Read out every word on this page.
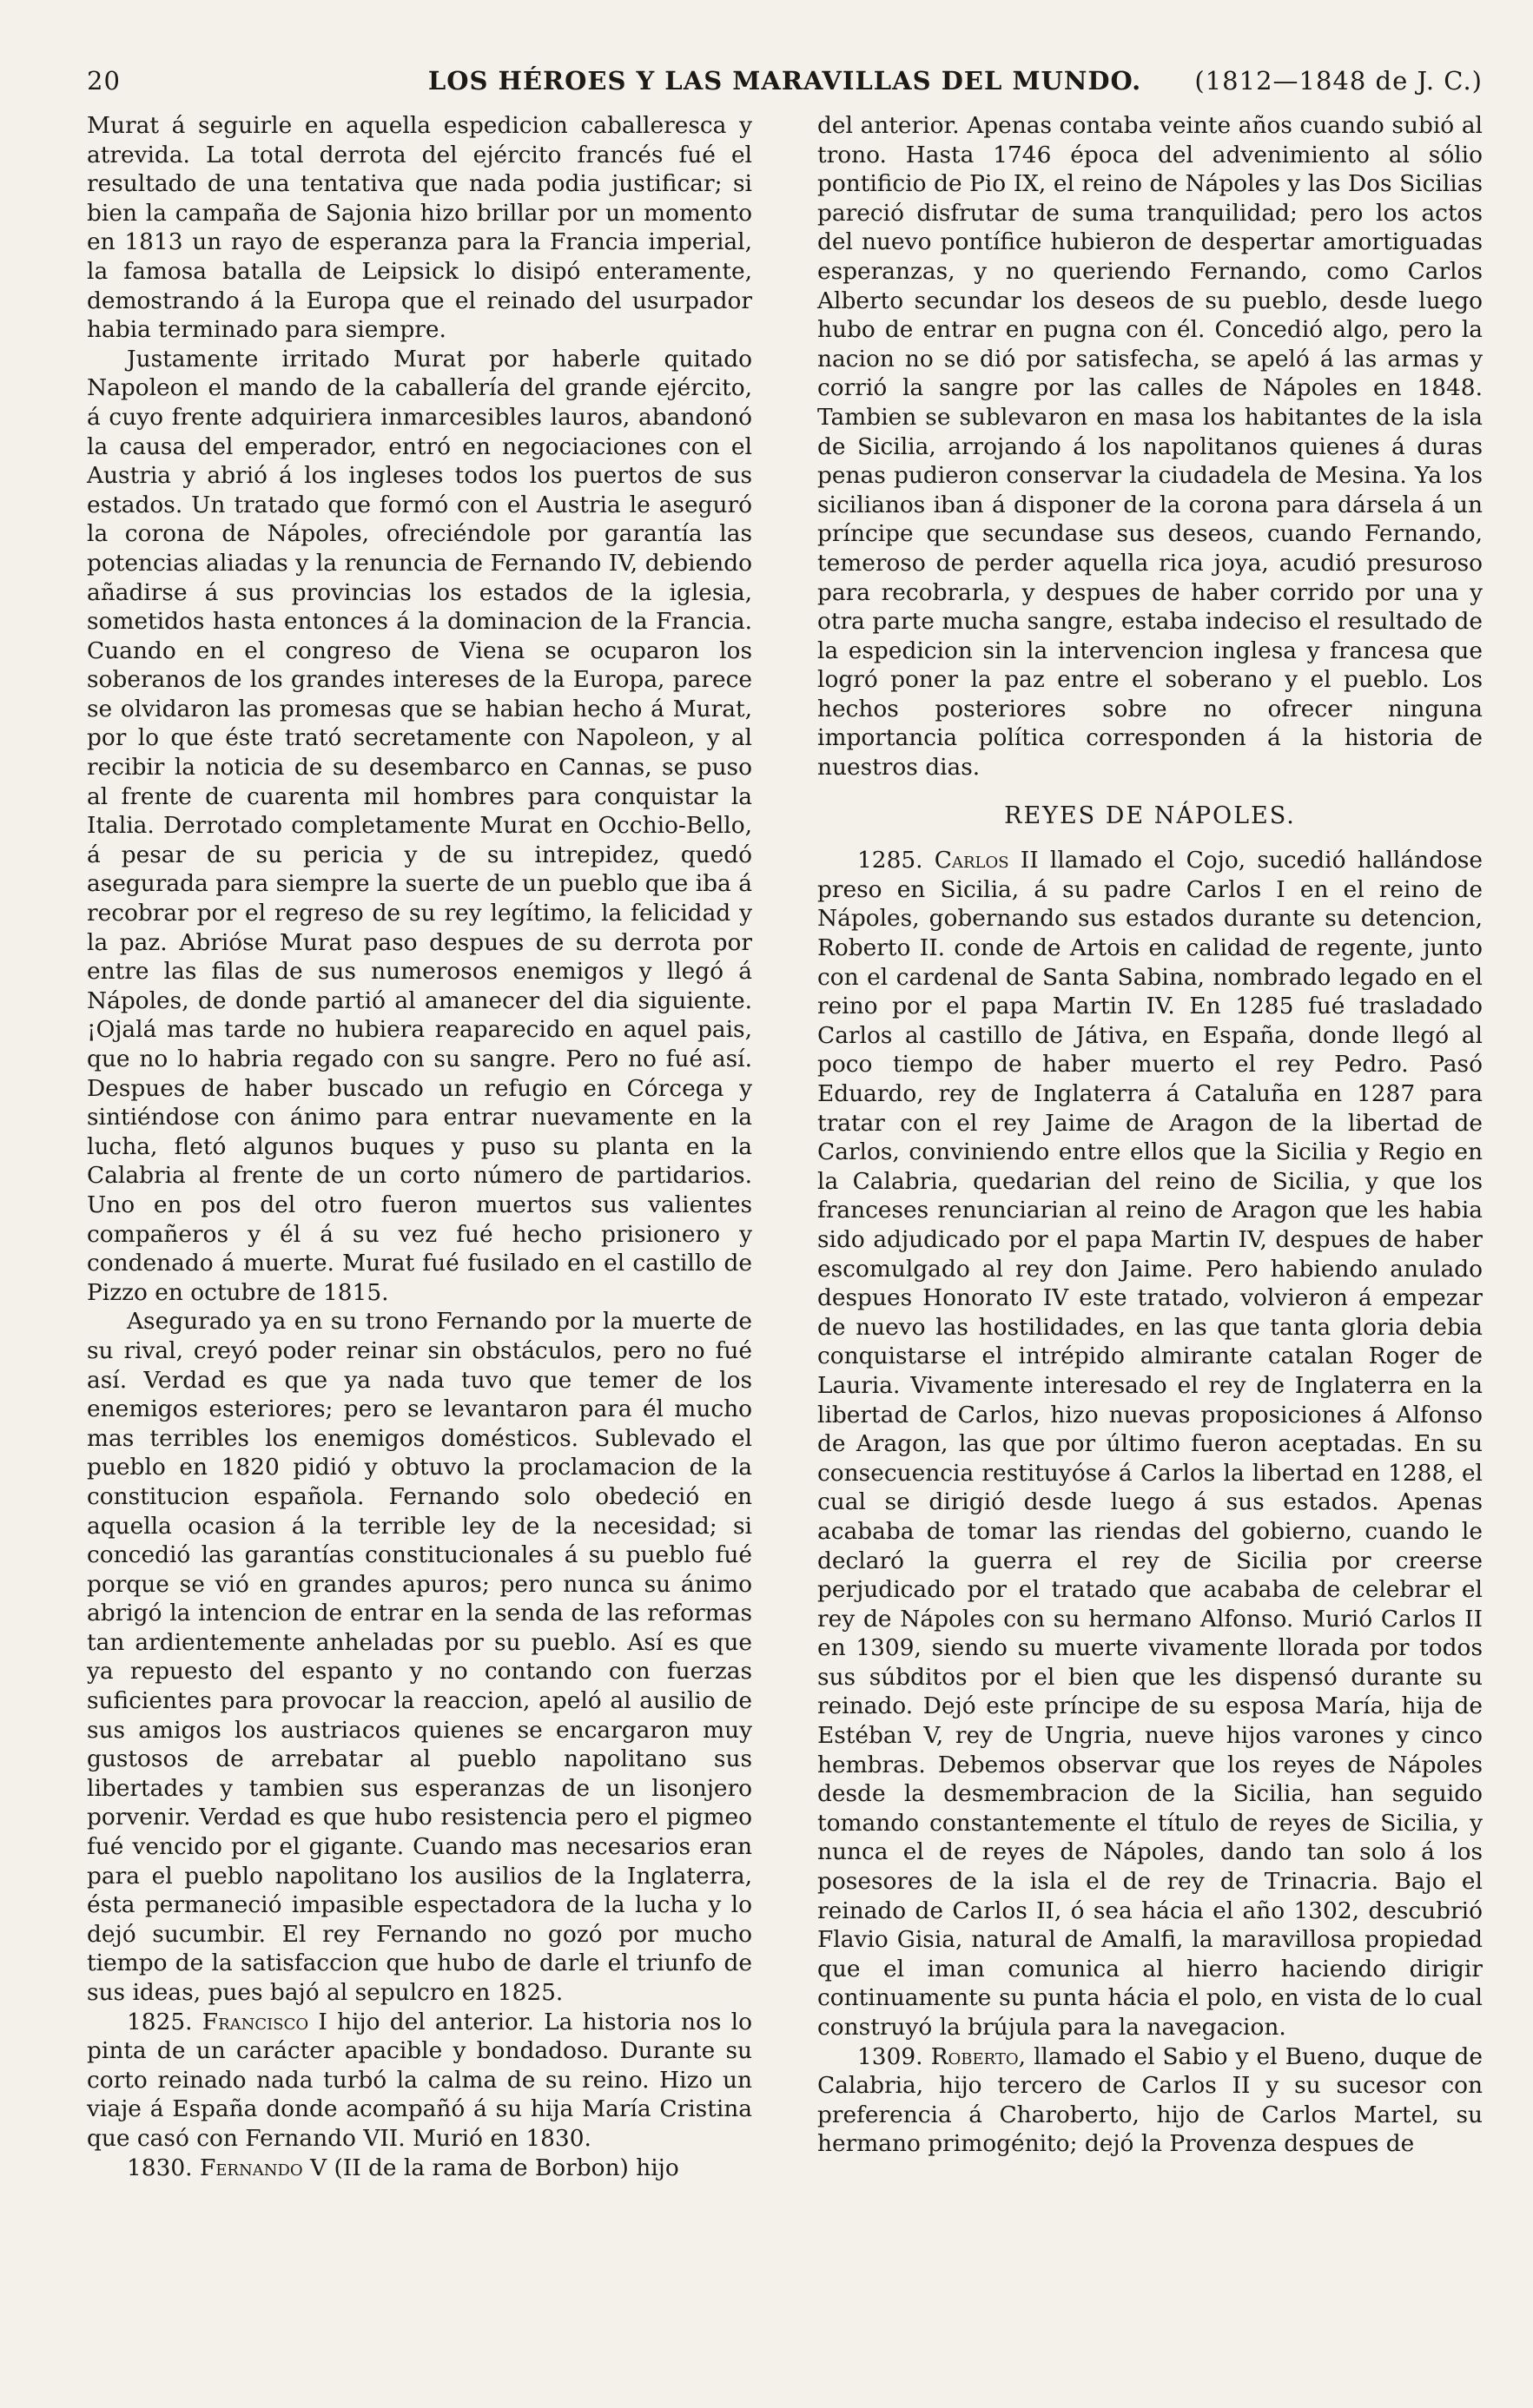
20	LOS HÉROES Y LAS MARAVILLAS DEL MUNDO.	(1812—1848 de J. C.)

Murat á seguirle en aquella espedicion caballeresca y atrevida. La total derrota del ejército francés fué el resultado de una tentativa que nada podia justificar; si bien la campaña de Sajonia hizo brillar por un momento en 1813 un rayo de esperanza para la Francia imperial, la famosa batalla de Leipsick lo disipó enteramente, demostrando á la Europa que el reinado del usurpador habia terminado para siempre.

Justamente irritado Murat por haberle quitado Napoleon el mando de la caballería del grande ejército, á cuyo frente adquiriera inmarcesibles lauros, abandonó la causa del emperador, entró en negociaciones con el Austria y abrió á los ingleses todos los puertos de sus estados. Un tratado que formó con el Austria le aseguró la corona de Nápoles, ofreciéndole por garantía las potencias aliadas y la renuncia de Fernando IV, debiendo añadirse á sus provincias los estados de la iglesia, sometidos hasta entonces á la dominacion de la Francia. Cuando en el congreso de Viena se ocuparon los soberanos de los grandes intereses de la Europa, parece se olvidaron las promesas que se habian hecho á Murat, por lo que éste trató secretamente con Napoleon, y al recibir la noticia de su desembarco en Cannas, se puso al frente de cuarenta mil hombres para conquistar la Italia. Derrotado completamente Murat en Occhio-Bello, á pesar de su pericia y de su intrepidez, quedó asegurada para siempre la suerte de un pueblo que iba á recobrar por el regreso de su rey legítimo, la felicidad y la paz. Abrióse Murat paso despues de su derrota por entre las filas de sus numerosos enemigos y llegó á Nápoles, de donde partió al amanecer del dia siguiente. ¡Ojalá mas tarde no hubiera reaparecido en aquel pais, que no lo habria regado con su sangre. Pero no fué así. Despues de haber buscado un refugio en Córcega y sintiéndose con ánimo para entrar nuevamente en la lucha, fletó algunos buques y puso su planta en la Calabria al frente de un corto número de partidarios. Uno en pos del otro fueron muertos sus valientes compañeros y él á su vez fué hecho prisionero y condenado á muerte. Murat fué fusilado en el castillo de Pizzo en octubre de 1815.

Asegurado ya en su trono Fernando por la muerte de su rival, creyó poder reinar sin obstáculos, pero no fué así. Verdad es que ya nada tuvo que temer de los enemigos esteriores; pero se levantaron para él mucho mas terribles los enemigos domésticos. Sublevado el pueblo en 1820 pidió y obtuvo la proclamacion de la constitucion española. Fernando solo obedeció en aquella ocasion á la terrible ley de la necesidad; si concedió las garantías constitucionales á su pueblo fué porque se vió en grandes apuros; pero nunca su ánimo abrigó la intencion de entrar en la senda de las reformas tan ardientemente anheladas por su pueblo. Así es que ya repuesto del espanto y no contando con fuerzas suficientes para provocar la reaccion, apeló al ausilio de sus amigos los austriacos quienes se encargaron muy gustosos de arrebatar al pueblo napolitano sus libertades y tambien sus esperanzas de un lisonjero porvenir. Verdad es que hubo resistencia pero el pigmeo fué vencido por el gigante. Cuando mas necesarios eran para el pueblo napolitano los ausilios de la Inglaterra, ésta permaneció impasible espectadora de la lucha y lo dejó sucumbir. El rey Fernando no gozó por mucho tiempo de la satisfaccion que hubo de darle el triunfo de sus ideas, pues bajó al sepulcro en 1825.

1825. Francisco I hijo del anterior. La historia nos lo pinta de un carácter apacible y bondadoso. Durante su corto reinado nada turbó la calma de su reino. Hizo un viaje á España donde acompañó á su hija María Cristina que casó con Fernando VII. Murió en 1830.

1830. Fernando V (II de la rama de Borbon) hijo

del anterior. Apenas contaba veinte años cuando subió al trono. Hasta 1746 época del advenimiento al sólio pontificio de Pio IX, el reino de Nápoles y las Dos Sicilias pareció disfrutar de suma tranquilidad; pero los actos del nuevo pontífice hubieron de despertar amortiguadas esperanzas, y no queriendo Fernando, como Carlos Alberto secundar los deseos de su pueblo, desde luego hubo de entrar en pugna con él. Concedió algo, pero la nacion no se dió por satisfecha, se apeló á las armas y corrió la sangre por las calles de Nápoles en 1848. Tambien se sublevaron en masa los habitantes de la isla de Sicilia, arrojando á los napolitanos quienes á duras penas pudieron conservar la ciudadela de Mesina. Ya los sicilianos iban á disponer de la corona para dársela á un príncipe que secundase sus deseos, cuando Fernando, temeroso de perder aquella rica joya, acudió presuroso para recobrarla, y despues de haber corrido por una y otra parte mucha sangre, estaba indeciso el resultado de la espedicion sin la intervencion inglesa y francesa que logró poner la paz entre el soberano y el pueblo. Los hechos posteriores sobre no ofrecer ninguna importancia política corresponden á la historia de nuestros dias.

REYES DE NÁPOLES.

1285. Carlos II llamado el Cojo, sucedió hallándose preso en Sicilia, á su padre Carlos I en el reino de Nápoles, gobernando sus estados durante su detencion, Roberto II. conde de Artois en calidad de regente, junto con el cardenal de Santa Sabina, nombrado legado en el reino por el papa Martin IV. En 1285 fué trasladado Carlos al castillo de Játiva, en España, donde llegó al poco tiempo de haber muerto el rey Pedro. Pasó Eduardo, rey de Inglaterra á Cataluña en 1287 para tratar con el rey Jaime de Aragon de la libertad de Carlos, conviniendo entre ellos que la Sicilia y Regio en la Calabria, quedarian del reino de Sicilia, y que los franceses renunciarian al reino de Aragon que les habia sido adjudicado por el papa Martin IV, despues de haber escomulgado al rey don Jaime. Pero habiendo anulado despues Honorato IV este tratado, volvieron á empezar de nuevo las hostilidades, en las que tanta gloria debia conquistarse el intrépido almirante catalan Roger de Lauria. Vivamente interesado el rey de Inglaterra en la libertad de Carlos, hizo nuevas proposiciones á Alfonso de Aragon, las que por último fueron aceptadas. En su consecuencia restituyóse á Carlos la libertad en 1288, el cual se dirigió desde luego á sus estados. Apenas acababa de tomar las riendas del gobierno, cuando le declaró la guerra el rey de Sicilia por creerse perjudicado por el tratado que acababa de celebrar el rey de Nápoles con su hermano Alfonso. Murió Carlos II en 1309, siendo su muerte vivamente llorada por todos sus súbditos por el bien que les dispensó durante su reinado. Dejó este príncipe de su esposa María, hija de Estéban V, rey de Ungria, nueve hijos varones y cinco hembras. Debemos observar que los reyes de Nápoles desde la desmembracion de la Sicilia, han seguido tomando constantemente el título de reyes de Sicilia, y nunca el de reyes de Nápoles, dando tan solo á los posesores de la isla el de rey de Trinacria. Bajo el reinado de Carlos II, ó sea hácia el año 1302, descubrió Flavio Gisia, natural de Amalfi, la maravillosa propiedad que el iman comunica al hierro haciendo dirigir continuamente su punta hácia el polo, en vista de lo cual construyó la brújula para la navegacion.

1309. Roberto, llamado el Sabio y el Bueno, duque de Calabria, hijo tercero de Carlos II y su sucesor con preferencia á Charoberto, hijo de Carlos Martel, su hermano primogénito; dejó la Provenza despues de
